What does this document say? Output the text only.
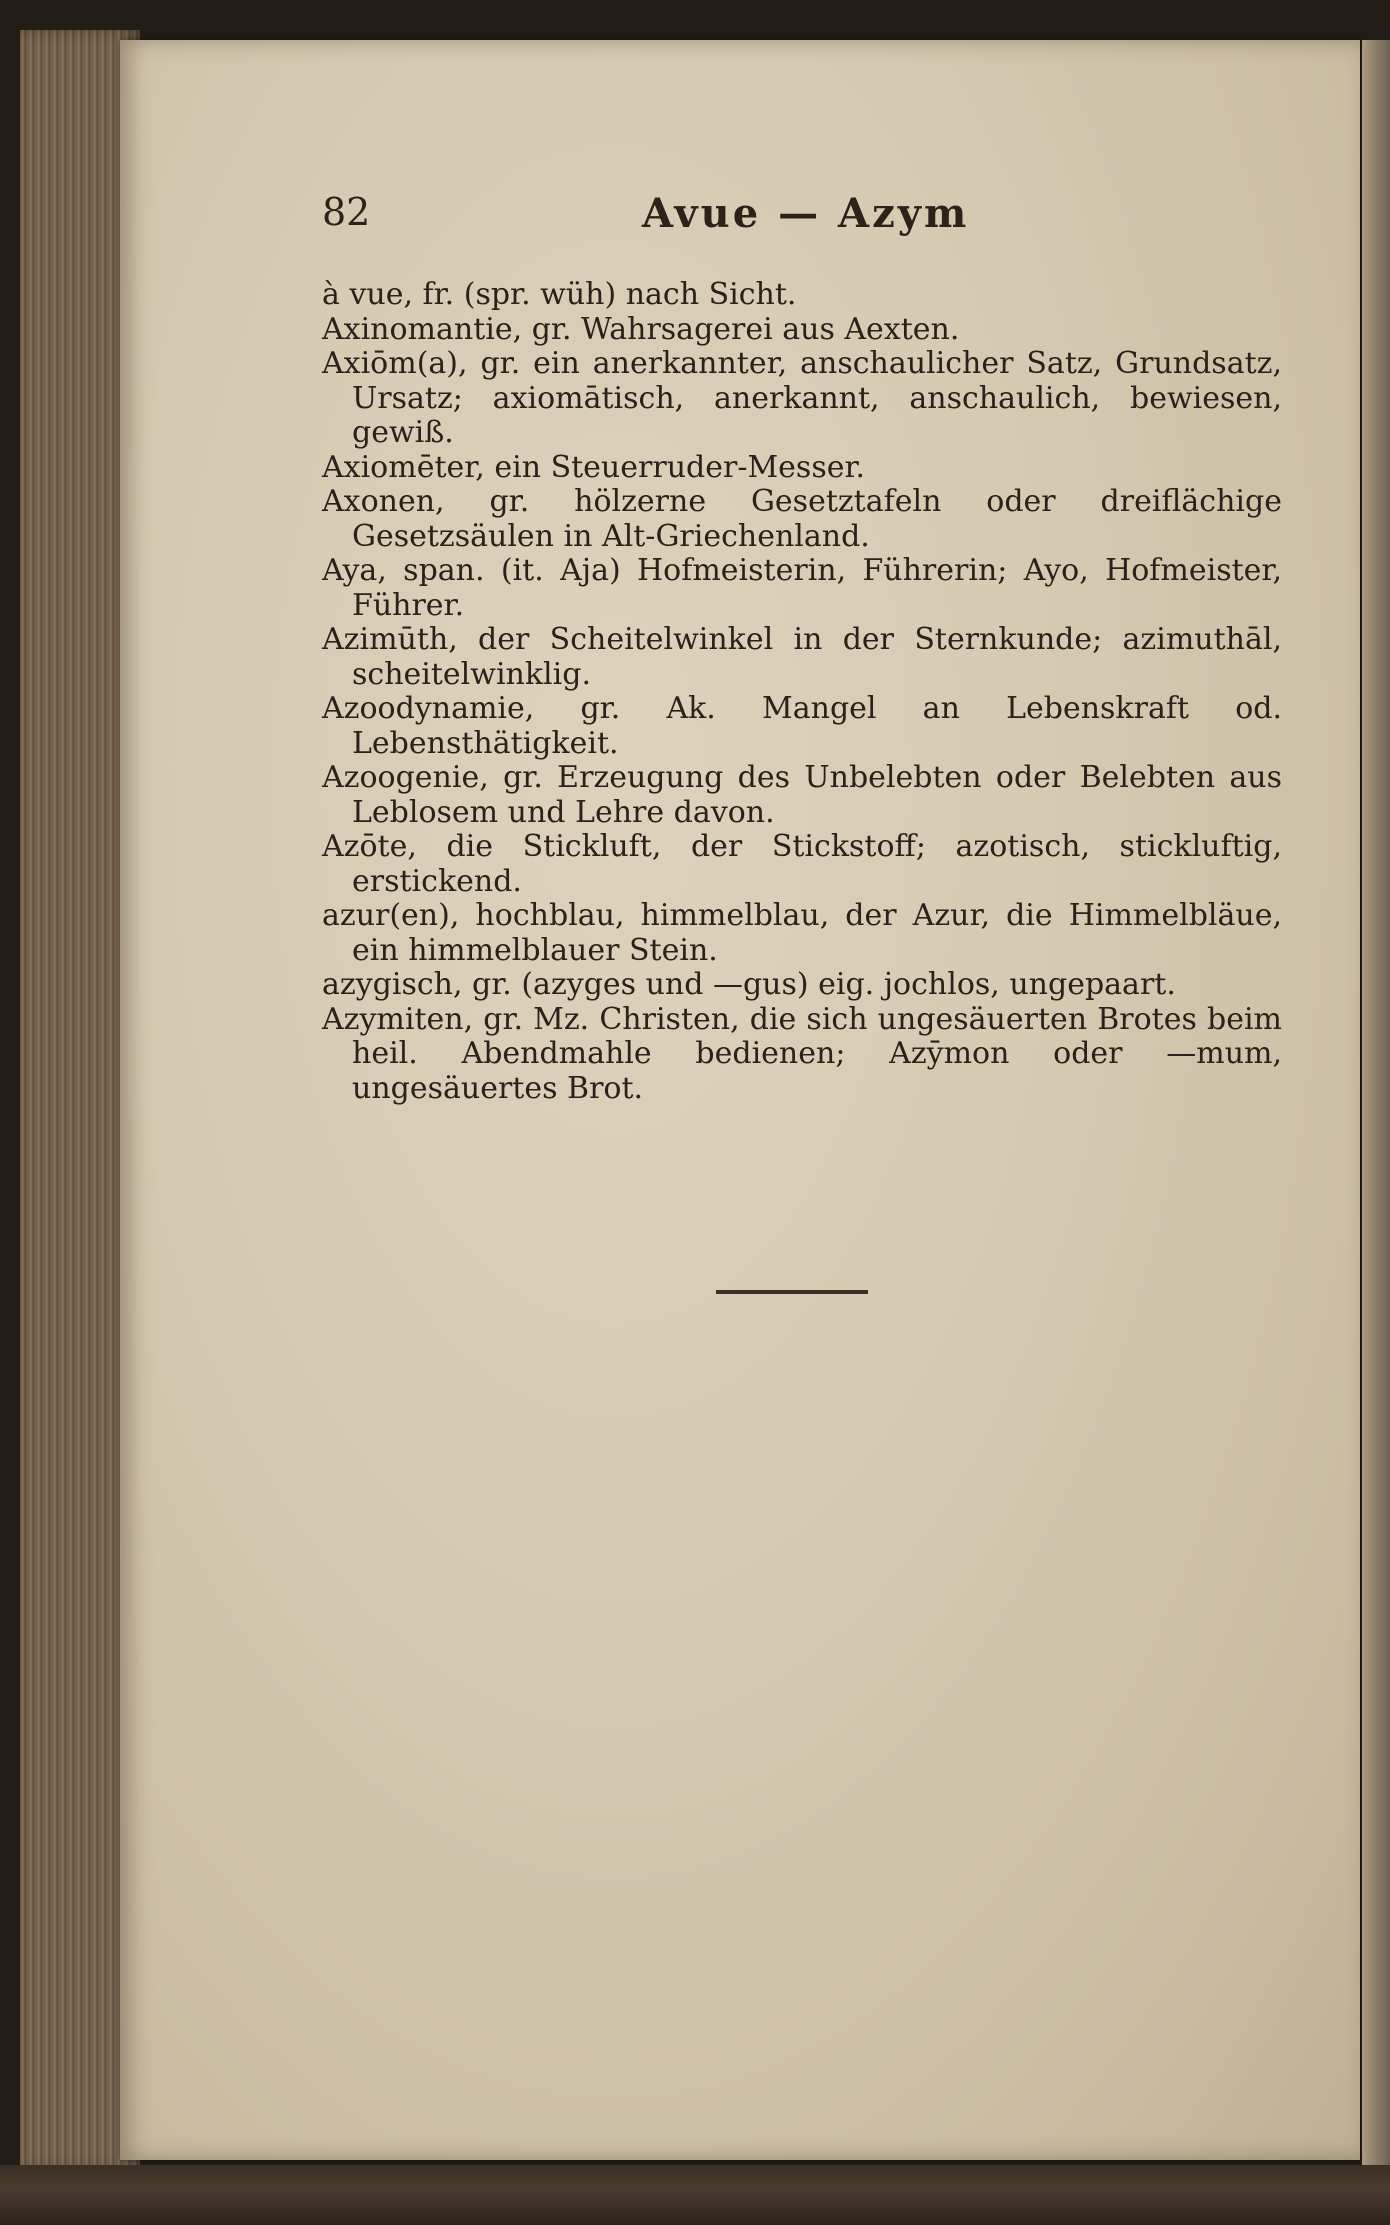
82	Avue — Azym

à vue, fr. (spr. wüh) nach Sicht.

Axinomantie, gr. Wahrsagerei aus Aexten.

Axiōm(a), gr. ein anerkannter, anschaulicher Satz, Grundsatz, Ursatz; axiomātisch, anerkannt, anschaulich, bewiesen, gewiß.

Axiomēter, ein Steuerruder-Messer.

Axonen, gr. hölzerne Gesetztafeln oder dreiflächige Gesetzsäulen in Alt-Griechenland.

Aya, span. (it. Aja) Hofmeisterin, Führerin; Ayo, Hofmeister, Führer.

Azimūth, der Scheitelwinkel in der Sternkunde; azimuthāl, scheitelwinklig.

Azoodynamie, gr. Ak. Mangel an Lebenskraft od. Lebensthätigkeit.

Azoogenie, gr. Erzeugung des Unbelebten oder Belebten aus Leblosem und Lehre davon.

Azōte, die Stickluft, der Stickstoff; azotisch, stickluftig, erstickend.

azur(en), hochblau, himmelblau, der Azur, die Himmelbläue, ein himmelblauer Stein.

azygisch, gr. (azyges und —gus) eig. jochlos, ungepaart.

Azymiten, gr. Mz. Christen, die sich ungesäuerten Brotes beim heil. Abendmahle bedienen; Azȳmon oder —mum, ungesäuertes Brot.
